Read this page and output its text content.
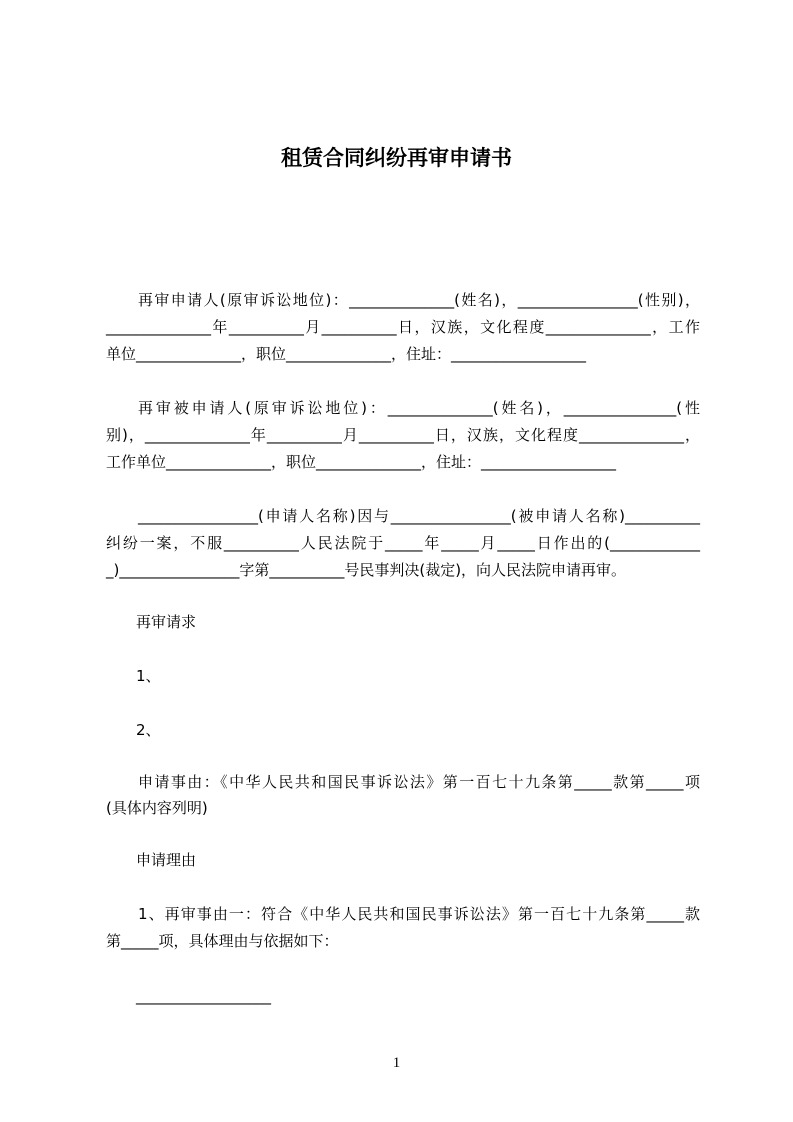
租赁合同纠纷再审申请书
再审申请人(原审诉讼地位)：______________(姓名)，________________(性别)，
______________年__________月__________日，汉族，文化程度______________，工作
单位______________，职位______________，住址：__________________
再审被申请人(原审诉讼地位)：______________(姓名)，_______________(性
别)，______________年__________月__________日，汉族，文化程度______________，
工作单位______________，职位______________，住址：__________________
________________(申请人名称)因与________________(被申请人名称)__________
纠纷一案，不服__________人民法院于_____年_____月_____日作出的(____________
_)________________字第__________号民事判决(裁定)，向人民法院申请再审。
再审请求
1、
2、
申请事由：《中华人民共和国民事诉讼法》第一百七十九条第_____款第_____项
(具体内容列明)
申请理由
1、再审事由一：符合《中华人民共和国民事诉讼法》第一百七十九条第_____款
第_____项，具体理由与依据如下：
__________________
1
